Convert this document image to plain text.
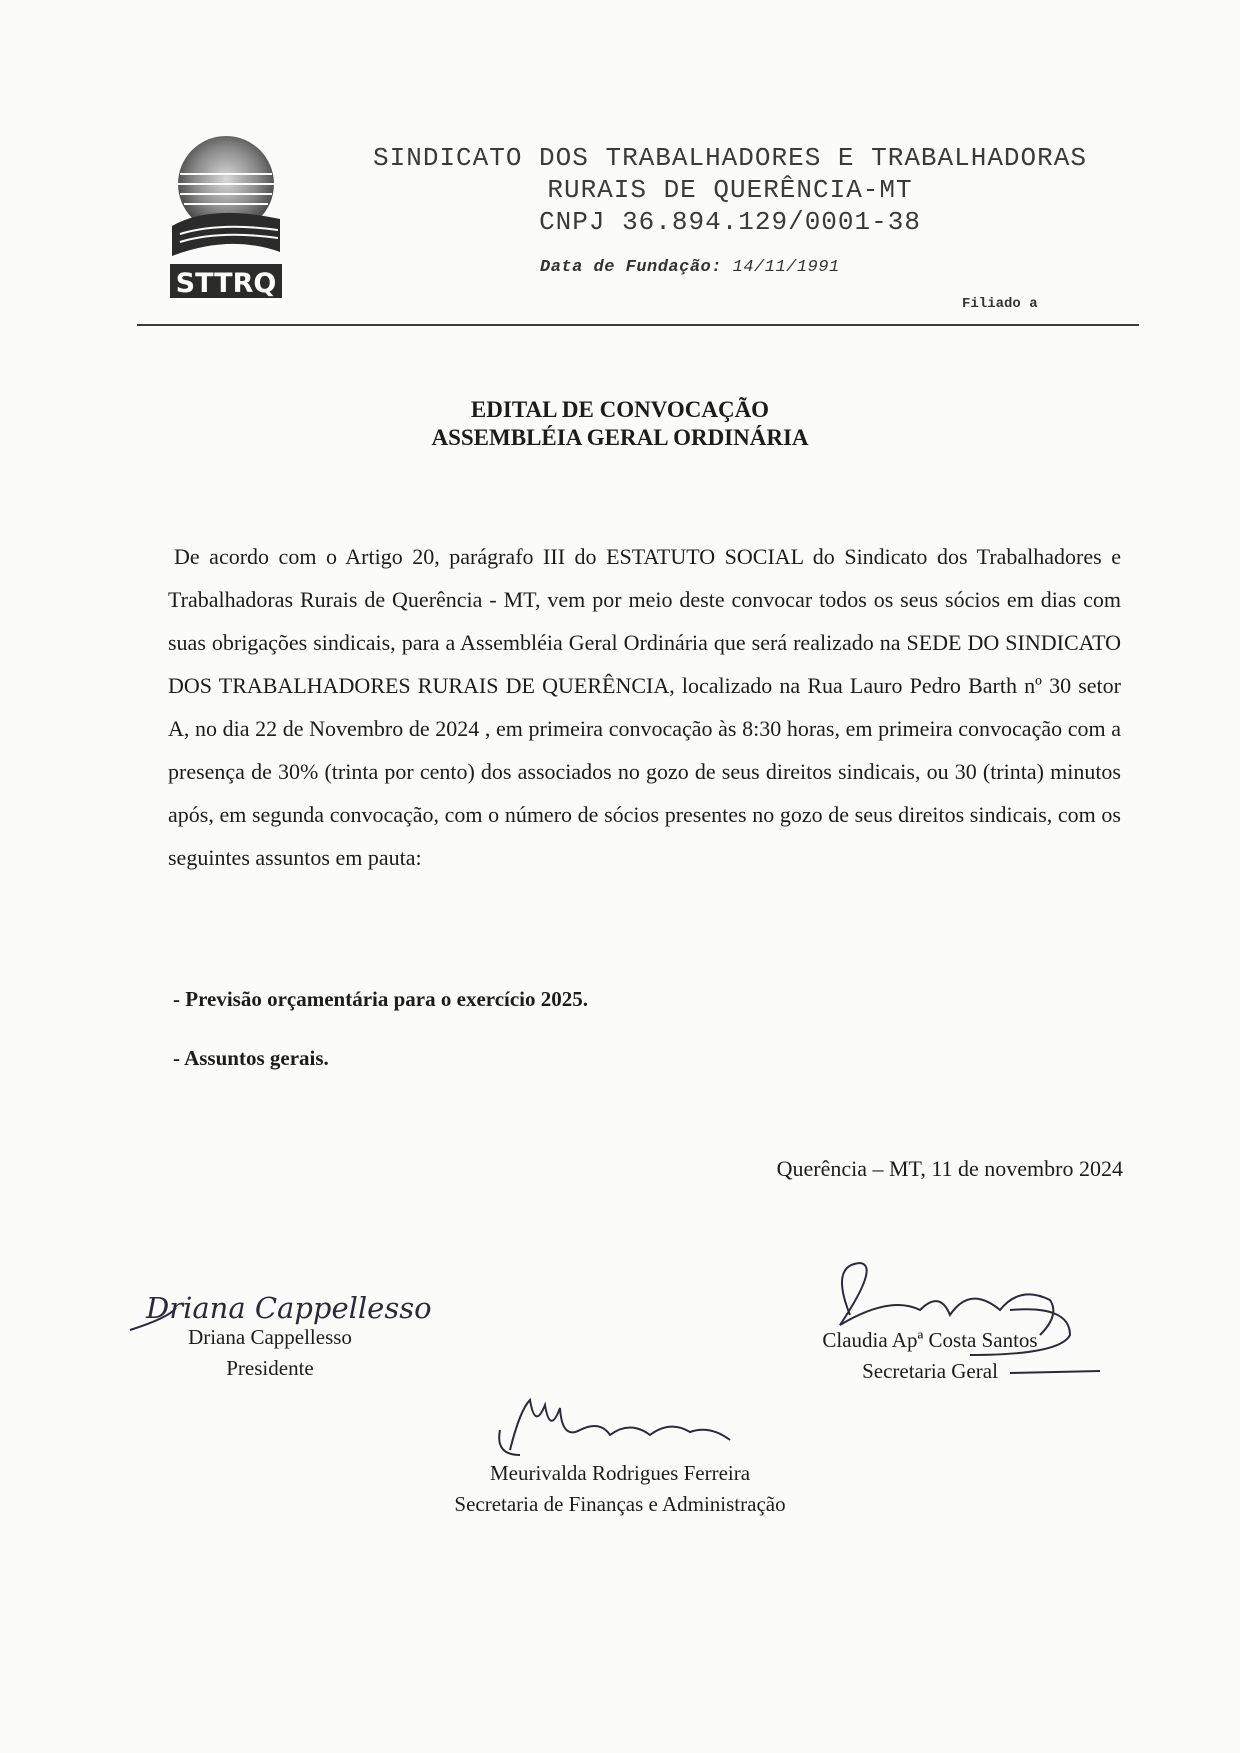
STTRQ
SINDICATO DOS TRABALHADORES E TRABALHADORAS
RURAIS DE QUERÊNCIA-MT
CNPJ 36.894.129/0001-38
Data de Fundação: 14/11/1991
Filiado a
EDITAL DE CONVOCAÇÃO
ASSEMBLÉIA GERAL ORDINÁRIA
De acordo com o Artigo 20, parágrafo III do ESTATUTO SOCIAL do Sindicato dos Trabalhadores e Trabalhadoras Rurais de Querência - MT, vem por meio deste convocar todos os seus sócios em dias com suas obrigações sindicais, para a Assembléia Geral Ordinária que será realizado na SEDE DO SINDICATO DOS TRABALHADORES RURAIS DE QUERÊNCIA, localizado na Rua Lauro Pedro Barth nº 30 setor A, no dia 22 de Novembro de 2024 , em primeira convocação às 8:30 horas, em primeira convocação com a presença de 30% (trinta por cento) dos associados no gozo de seus direitos sindicais, ou 30 (trinta) minutos após, em segunda convocação, com o número de sócios presentes no gozo de seus direitos sindicais, com os seguintes assuntos em pauta:
- Previsão orçamentária para o exercício 2025.
- Assuntos gerais.
Querência – MT, 11 de novembro 2024
Driana Cappellesso
Driana Cappellesso
Presidente
Claudia Apª Costa Santos
Secretaria Geral
Meurivalda Rodrigues Ferreira
Secretaria de Finanças e Administração
